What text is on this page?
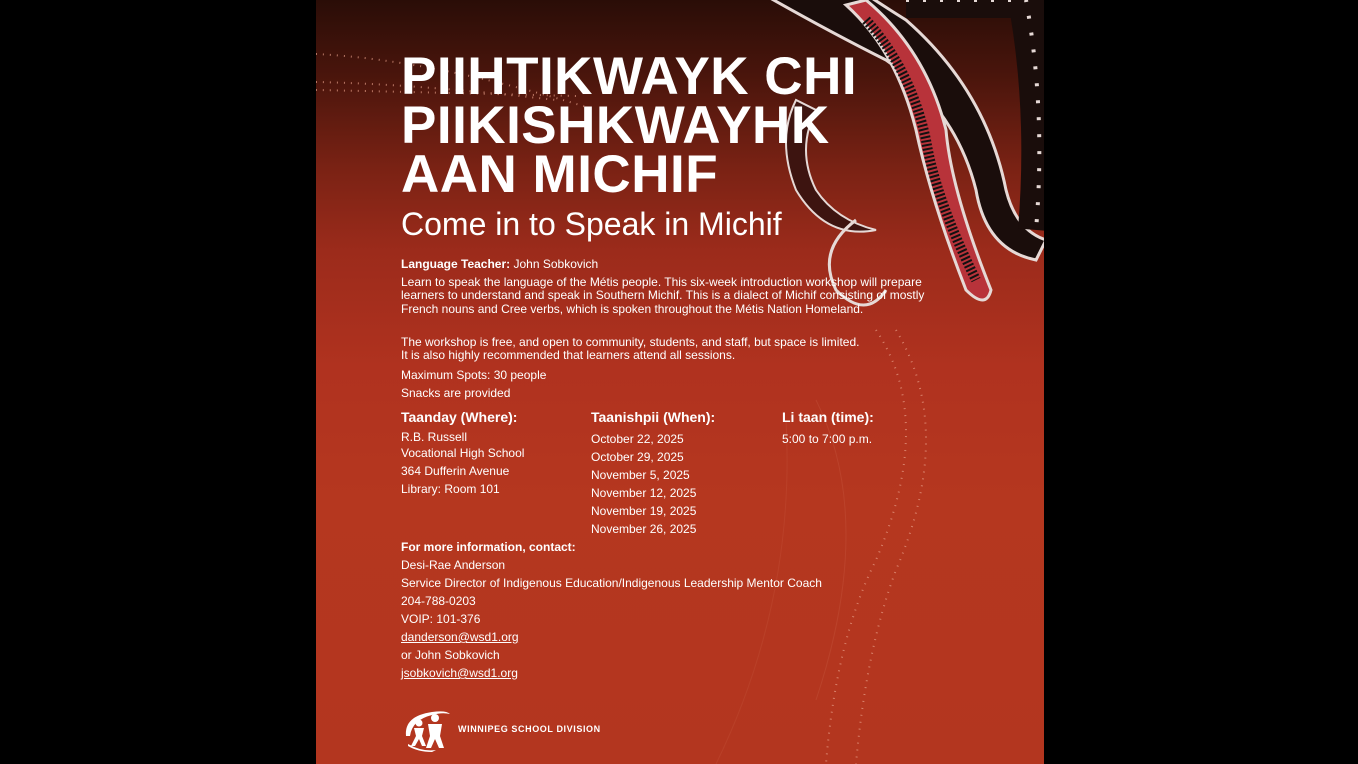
PIIHTIKWAYK CHI
PIIKISHKWAYHK
AAN MICHIF
Come in to Speak in Michif
Language Teacher: John Sobkovich
Learn to speak the language of the Métis people. This six-week introduction workshop will prepare learners to understand and speak in Southern Michif. This is a dialect of Michif consisting of mostly French nouns and Cree verbs, which is spoken throughout the Métis Nation Homeland.
The workshop is free, and open to community, students, and staff, but space is limited.
It is also highly recommended that learners attend all sessions.
Maximum Spots: 30 people
Snacks are provided
Taanday (Where):
R.B. Russell
Vocational High School
364 Dufferin Avenue
Library: Room 101
Taanishpii (When):
October 22, 2025
October 29, 2025
November 5, 2025
November 12, 2025
November 19, 2025
November 26, 2025
Li taan (time):
5:00 to 7:00 p.m.
For more information, contact:
Desi-Rae Anderson
Service Director of Indigenous Education/Indigenous Leadership Mentor Coach
204-788-0203
VOIP: 101-376
danderson@wsd1.org
or John Sobkovich
jsobkovich@wsd1.org
WINNIPEG SCHOOL DIVISION
